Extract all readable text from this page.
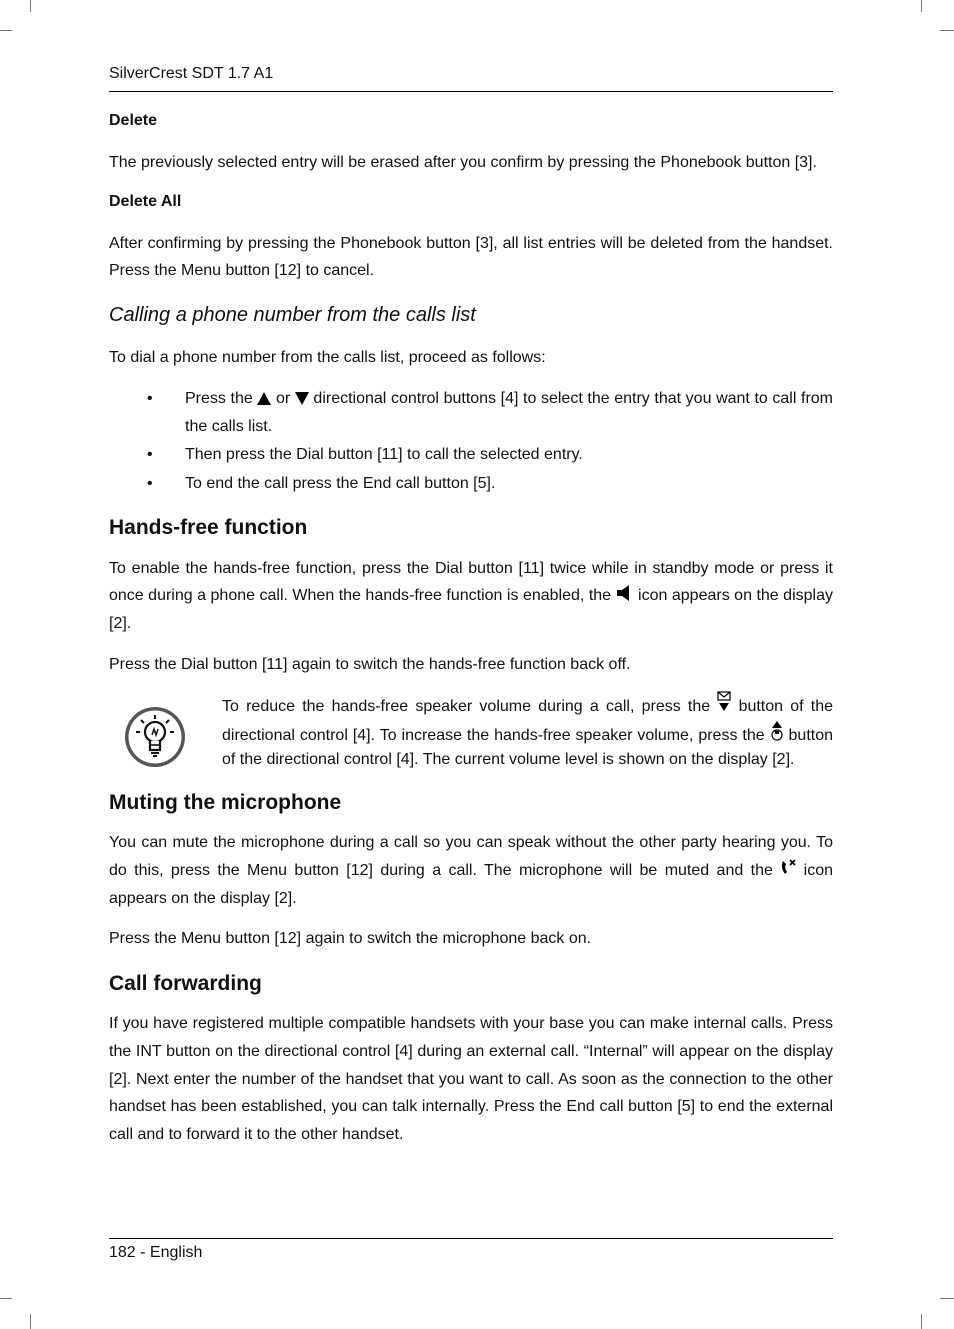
SilverCrest SDT 1.7 A1
Delete

The previously selected entry will be erased after you confirm by pressing the Phonebook button [3].

Delete All

After confirming by pressing the Phonebook button [3], all list entries will be deleted from the handset. Press the Menu button [12] to cancel.

Calling a phone number from the calls list

To dial a phone number from the calls list, proceed as follows:

• Press the or directional control buttons [4] to select the entry that you want to call from the calls list.
• Then press the Dial button [11] to call the selected entry.
• To end the call press the End call button [5].
Hands-free function

To enable the hands-free function, press the Dial button [11] twice while in standby mode or press it once during a phone call. When the hands-free function is enabled, the icon appears on the display [2].

Press the Dial button [11] again to switch the hands-free function back off.

To reduce the hands-free speaker volume during a call, press the button of the directional control [4]. To increase the hands-free speaker volume, press the button of the directional control [4]. The current volume level is shown on the display [2].

Muting the microphone

You can mute the microphone during a call so you can speak without the other party hearing you. To do this, press the Menu button [12] during a call. The microphone will be muted and the icon appears on the display [2].

Press the Menu button [12] again to switch the microphone back on.

Call forwarding

If you have registered multiple compatible handsets with your base you can make internal calls. Press the INT button on the directional control [4] during an external call. “Internal” will appear on the display [2]. Next enter the number of the handset that you want to call. As soon as the connection to the other handset has been established, you can talk internally. Press the End call button [5] to end the external call and to forward it to the other handset.

182 - English
